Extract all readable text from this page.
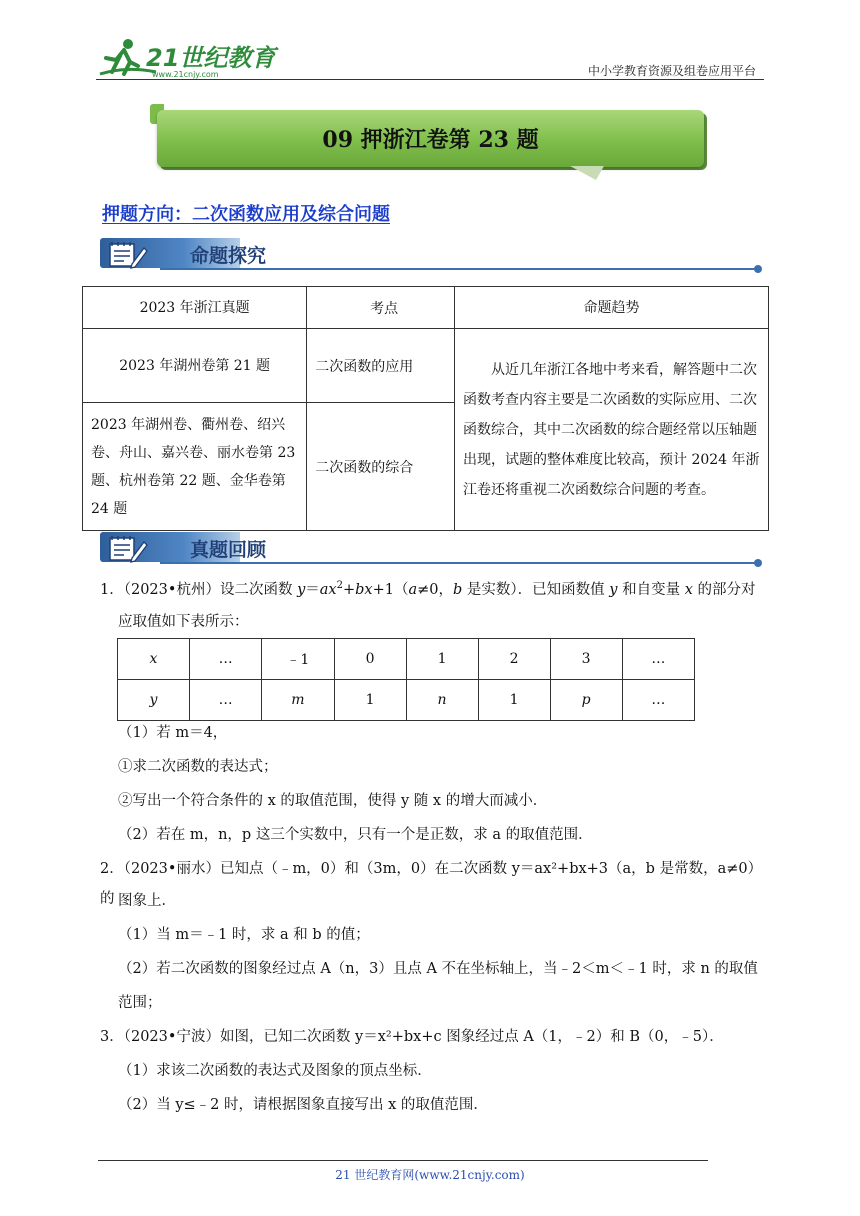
21世纪教育
www.21cnjy.com	中小学教育资源及组卷应用平台
09 押浙江卷第 23 题
押题方向：二次函数应用及综合问题
命题探究
2023 年浙江真题	考点	命题趋势
2023 年湖州卷第 21 题	二次函数的应用	从近几年浙江各地中考来看，解答题中二次函数考查内容主要是二次函数的实际应用、二次函数综合，其中二次函数的综合题经常以压轴题出现，试题的整体难度比较高，预计 2024 年浙江卷还将重视二次函数综合问题的考查。
2023 年湖州卷、衢州卷、绍兴卷、舟山、嘉兴卷、丽水卷第 23 题、杭州卷第 22 题、金华卷第 24 题	二次函数的综合	
真题回顾
1．（2023•杭州）设二次函数 $y=ax^2+bx+1(a\ne 0$，b 是实数）．已知函数值 y 和自变量 x 的部分对
应取值如下表所示：
x	…	﹣1	0	1	2	3	…
y	…	m	1	n	1	p	…
（1）若 m＝4，
①求二次函数的表达式；
②写出一个符合条件的 x 的取值范围，使得 y 随 x 的增大而减小．
（2）若在 m，n，p 这三个实数中，只有一个是正数，求 a 的取值范围．
2．（2023•丽水）已知点（﹣m，0）和（3m，0）在二次函数 y＝ax²+bx+3（a，b 是常数，a≠0）的 图象上．
（1）当 m＝﹣1 时，求 a 和 b 的值；
（2）若二次函数的图象经过点 A（n，3）且点 A 不在坐标轴上，当﹣2＜m＜﹣1 时，求 n 的取值
范围；
3．（2023•宁波）如图，已知二次函数 y＝x²+bx+c 图象经过点 A（1，﹣2）和 B（0，﹣5）．
（1）求该二次函数的表达式及图象的顶点坐标．
（2）当 y≤﹣2 时，请根据图象直接写出 x 的取值范围．
21 世纪教育网(www.21cnjy.com)
